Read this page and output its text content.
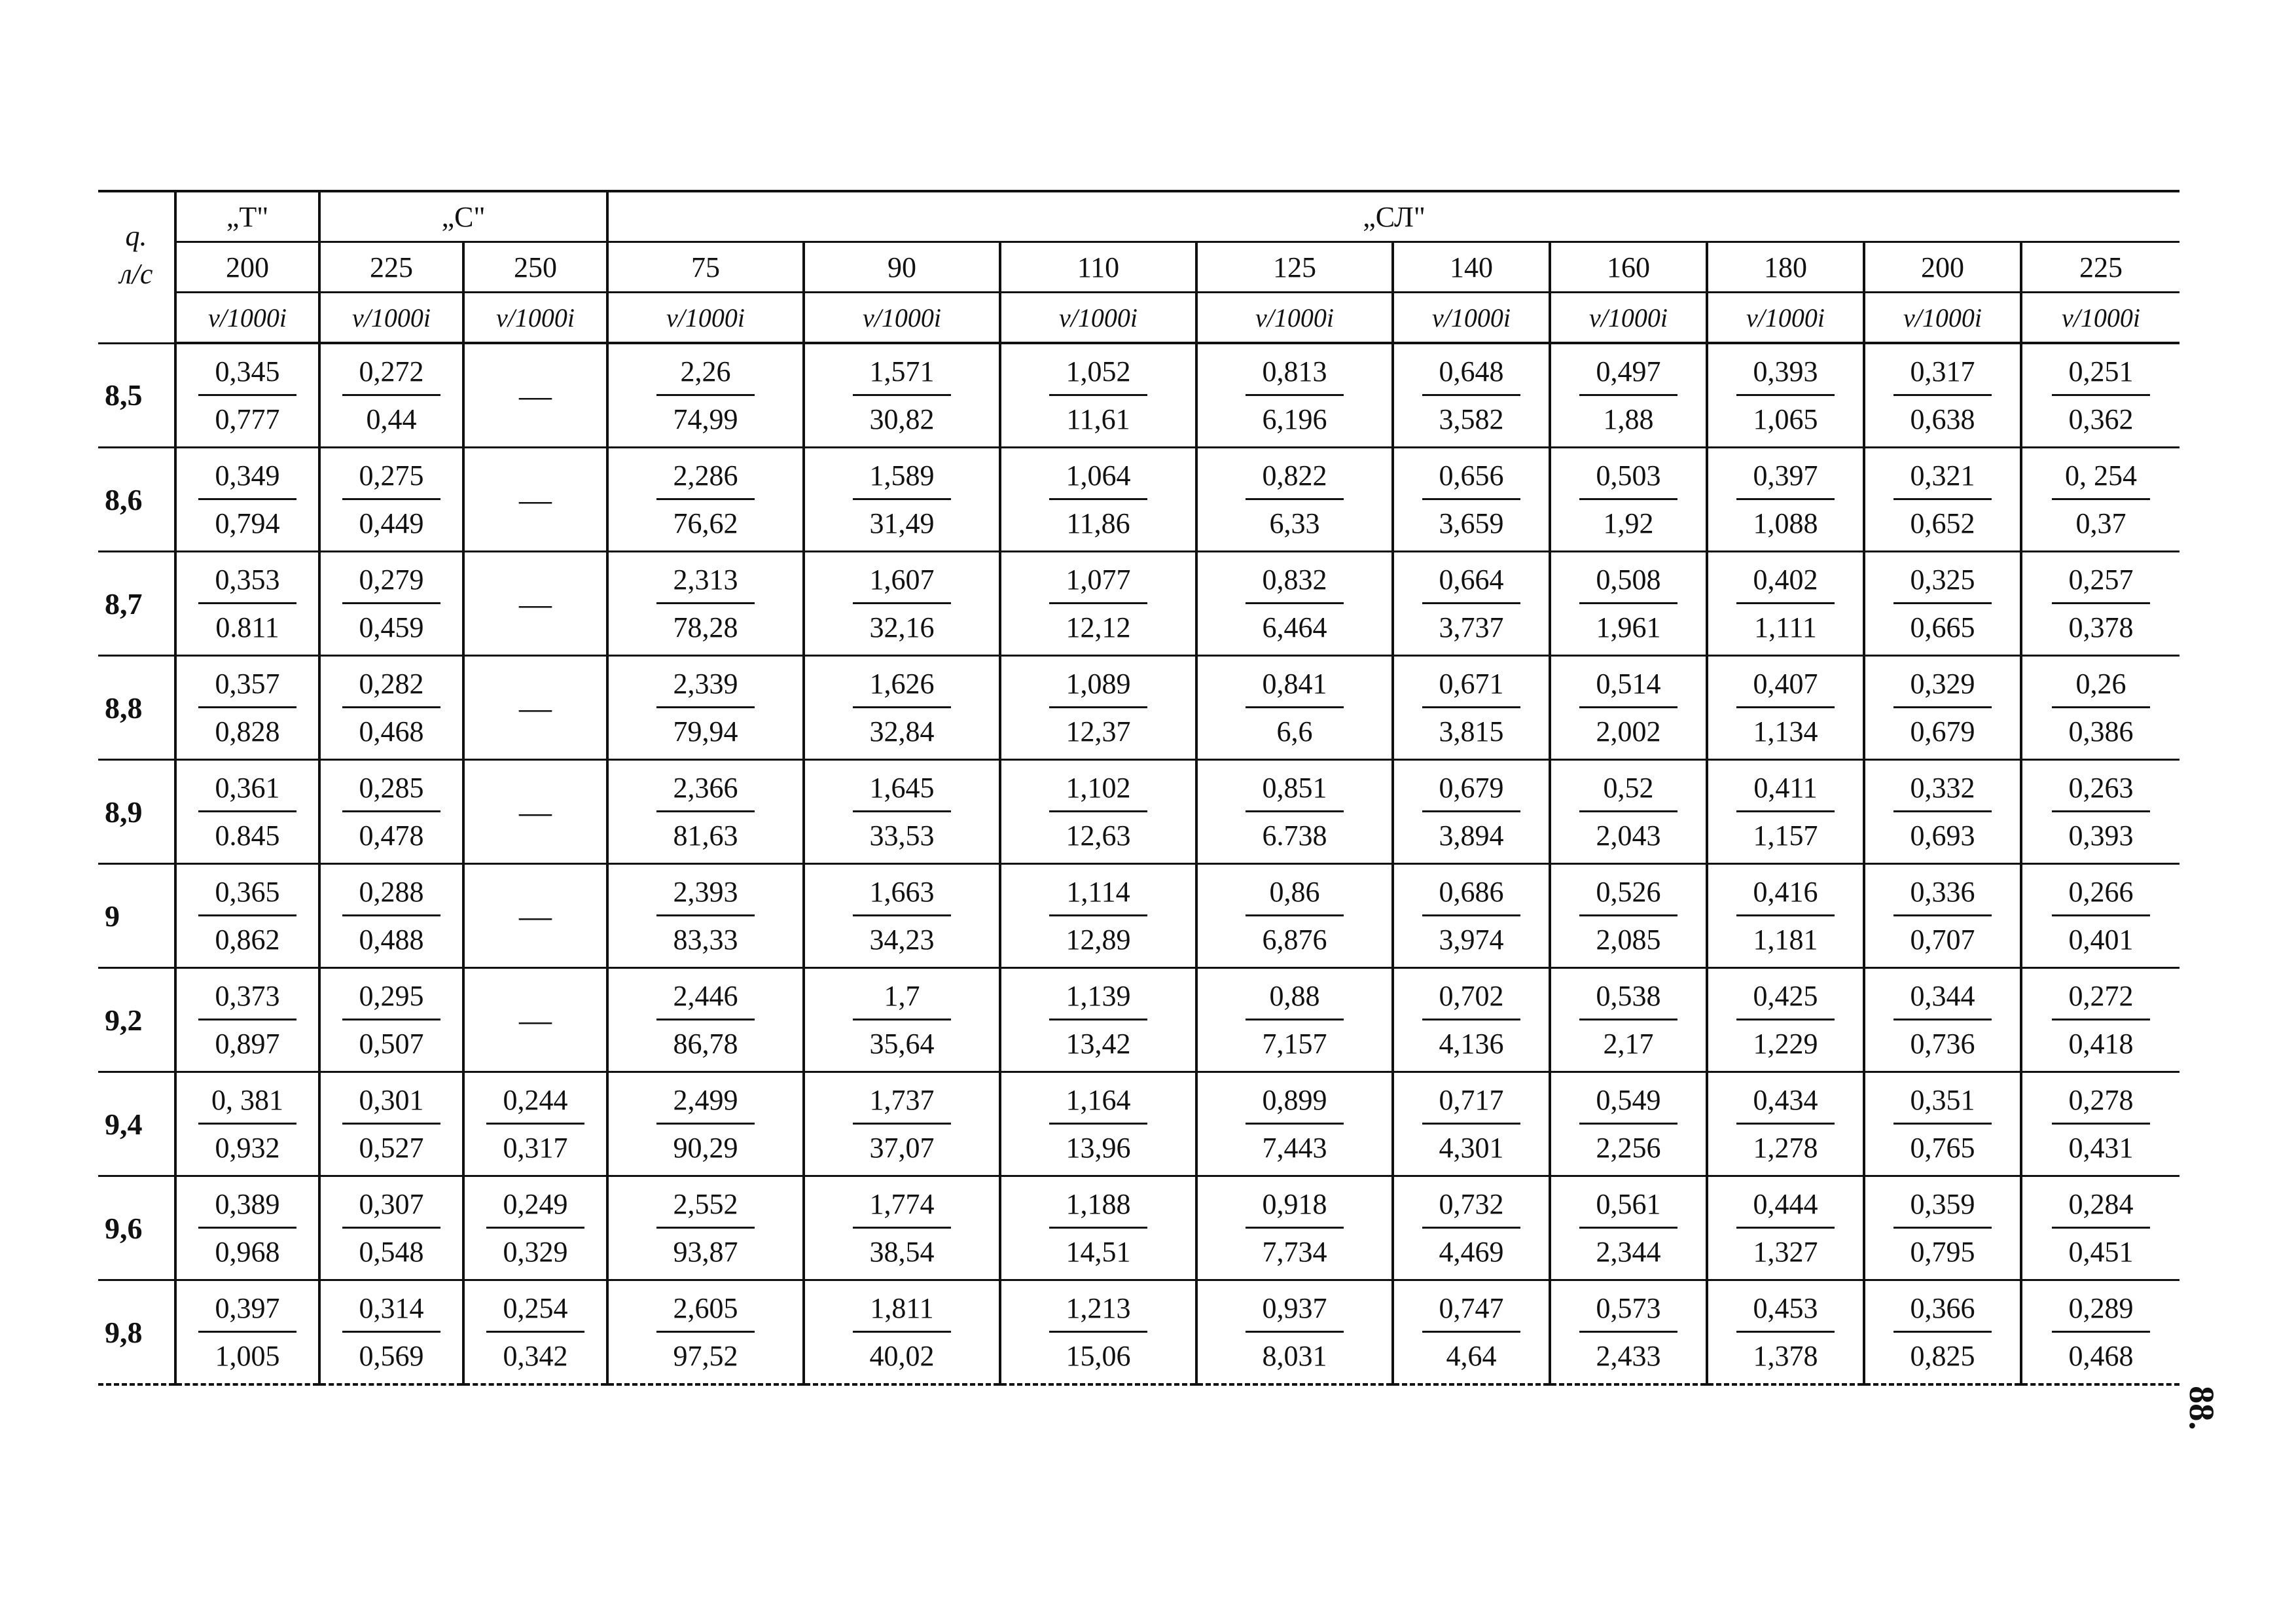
q.
л/с	„T"	„С"		„СЛ"								
	200	225	250	75	90	110	125	140	160	180	200	225
	v/1000i	v/1000i	v/1000i	v/1000i	v/1000i	v/1000i	v/1000i	v/1000i	v/1000i	v/1000i	v/1000i	v/1000i
8,5	$\frac{0,345}{0,777}$	$\frac{0,272}{0,44}$	—	$\frac{2,26}{74,99}$	$\frac{1,571}{30,82}$	$\frac{1,052}{11,61}$	$\frac{0,813}{6,196}$	$\frac{0,648}{3,582}$	$\frac{0,497}{1,88}$	$\frac{0,393}{1,065}$	$\frac{0,317}{0,638}$	$\frac{0,251}{0,362}$

8,6	$\frac{0,349}{0,794}$	$\frac{0,275}{0,449}$	—	$\frac{2,286}{76,62}$	$\frac{1,589}{31,49}$	$\frac{1,064}{11,86}$	$\frac{0,822}{6,33}$	$\frac{0,656}{3,659}$	$\frac{0,503}{1,92}$	$\frac{0,397}{1,088}$	$\frac{0,321}{0,652}$	$\frac{0, 254}{0,37}$

8,7	$\frac{0,353}{0.811}$	$\frac{0,279}{0,459}$	—	$\frac{2,313}{78,28}$	$\frac{1,607}{32,16}$	$\frac{1,077}{12,12}$	$\frac{0,832}{6,464}$	$\frac{0,664}{3,737}$	$\frac{0,508}{1,961}$	$\frac{0,402}{1,111}$	$\frac{0,325}{0,665}$	$\frac{0,257}{0,378}$

8,8	$\frac{0,357}{0,828}$	$\frac{0,282}{0,468}$	—	$\frac{2,339}{79,94}$	$\frac{1,626}{32,84}$	$\frac{1,089}{12,37}$	$\frac{0,841}{6,6}$	$\frac{0,671}{3,815}$	$\frac{0,514}{2,002}$	$\frac{0,407}{1,134}$	$\frac{0,329}{0,679}$	$\frac{0,26}{0,386}$

8,9	$\frac{0,361}{0.845}$	$\frac{0,285}{0,478}$	—	$\frac{2,366}{81,63}$	$\frac{1,645}{33,53}$	$\frac{1,102}{12,63}$	$\frac{0,851}{6.738}$	$\frac{0,679}{3,894}$	$\frac{0,52}{2,043}$	$\frac{0,411}{1,157}$	$\frac{0,332}{0,693}$	$\frac{0,263}{0,393}$

9	$\frac{0,365}{0,862}$	$\frac{0,288}{0,488}$	—	$\frac{2,393}{83,33}$	$\frac{1,663}{34,23}$	$\frac{1,114}{12,89}$	$\frac{0,86}{6,876}$	$\frac{0,686}{3,974}$	$\frac{0,526}{2,085}$	$\frac{0,416}{1,181}$	$\frac{0,336}{0,707}$	$\frac{0,266}{0,401}$

9,2	$\frac{0,373}{0,897}$	$\frac{0,295}{0,507}$	—	$\frac{2,446}{86,78}$	$\frac{1,7}{35,64}$	$\frac{1,139}{13,42}$	$\frac{0,88}{7,157}$	$\frac{0,702}{4,136}$	$\frac{0,538}{2,17}$	$\frac{0,425}{1,229}$	$\frac{0,344}{0,736}$	$\frac{0,272}{0,418}$

9,4	$\frac{0, 381}{0,932}$	$\frac{0,301}{0,527}$	$\frac{0,244}{0,317}$	$\frac{2,499}{90,29}$	$\frac{1,737}{37,07}$	$\frac{1,164}{13,96}$	$\frac{0,899}{7,443}$	$\frac{0,717}{4,301}$	$\frac{0,549}{2,256}$	$\frac{0,434}{1,278}$	$\frac{0,351}{0,765}$	$\frac{0,278}{0,431}$

9,6	$\frac{0,389}{0,968}$	$\frac{0,307}{0,548}$	$\frac{0,249}{0,329}$	$\frac{2,552}{93,87}$	$\frac{1,774}{38,54}$	$\frac{1,188}{14,51}$	$\frac{0,918}{7,734}$	$\frac{0,732}{4,469}$	$\frac{0,561}{2,344}$	$\frac{0,444}{1,327}$	$\frac{0,359}{0,795}$	$\frac{0,284}{0,451}$

9,8	$\frac{0,397}{1,005}$	$\frac{0,314}{0,569}$	$\frac{0,254}{0,342}$	$\frac{2,605}{97,52}$	$\frac{1,811}{40,02}$	$\frac{1,213}{15,06}$	$\frac{0,937}{8,031}$	$\frac{0,747}{4,64}$	$\frac{0,573}{2,433}$	$\frac{0,453}{1,378}$	$\frac{0,366}{0,825}$	$\frac{0,289}{0,468}$
88.
